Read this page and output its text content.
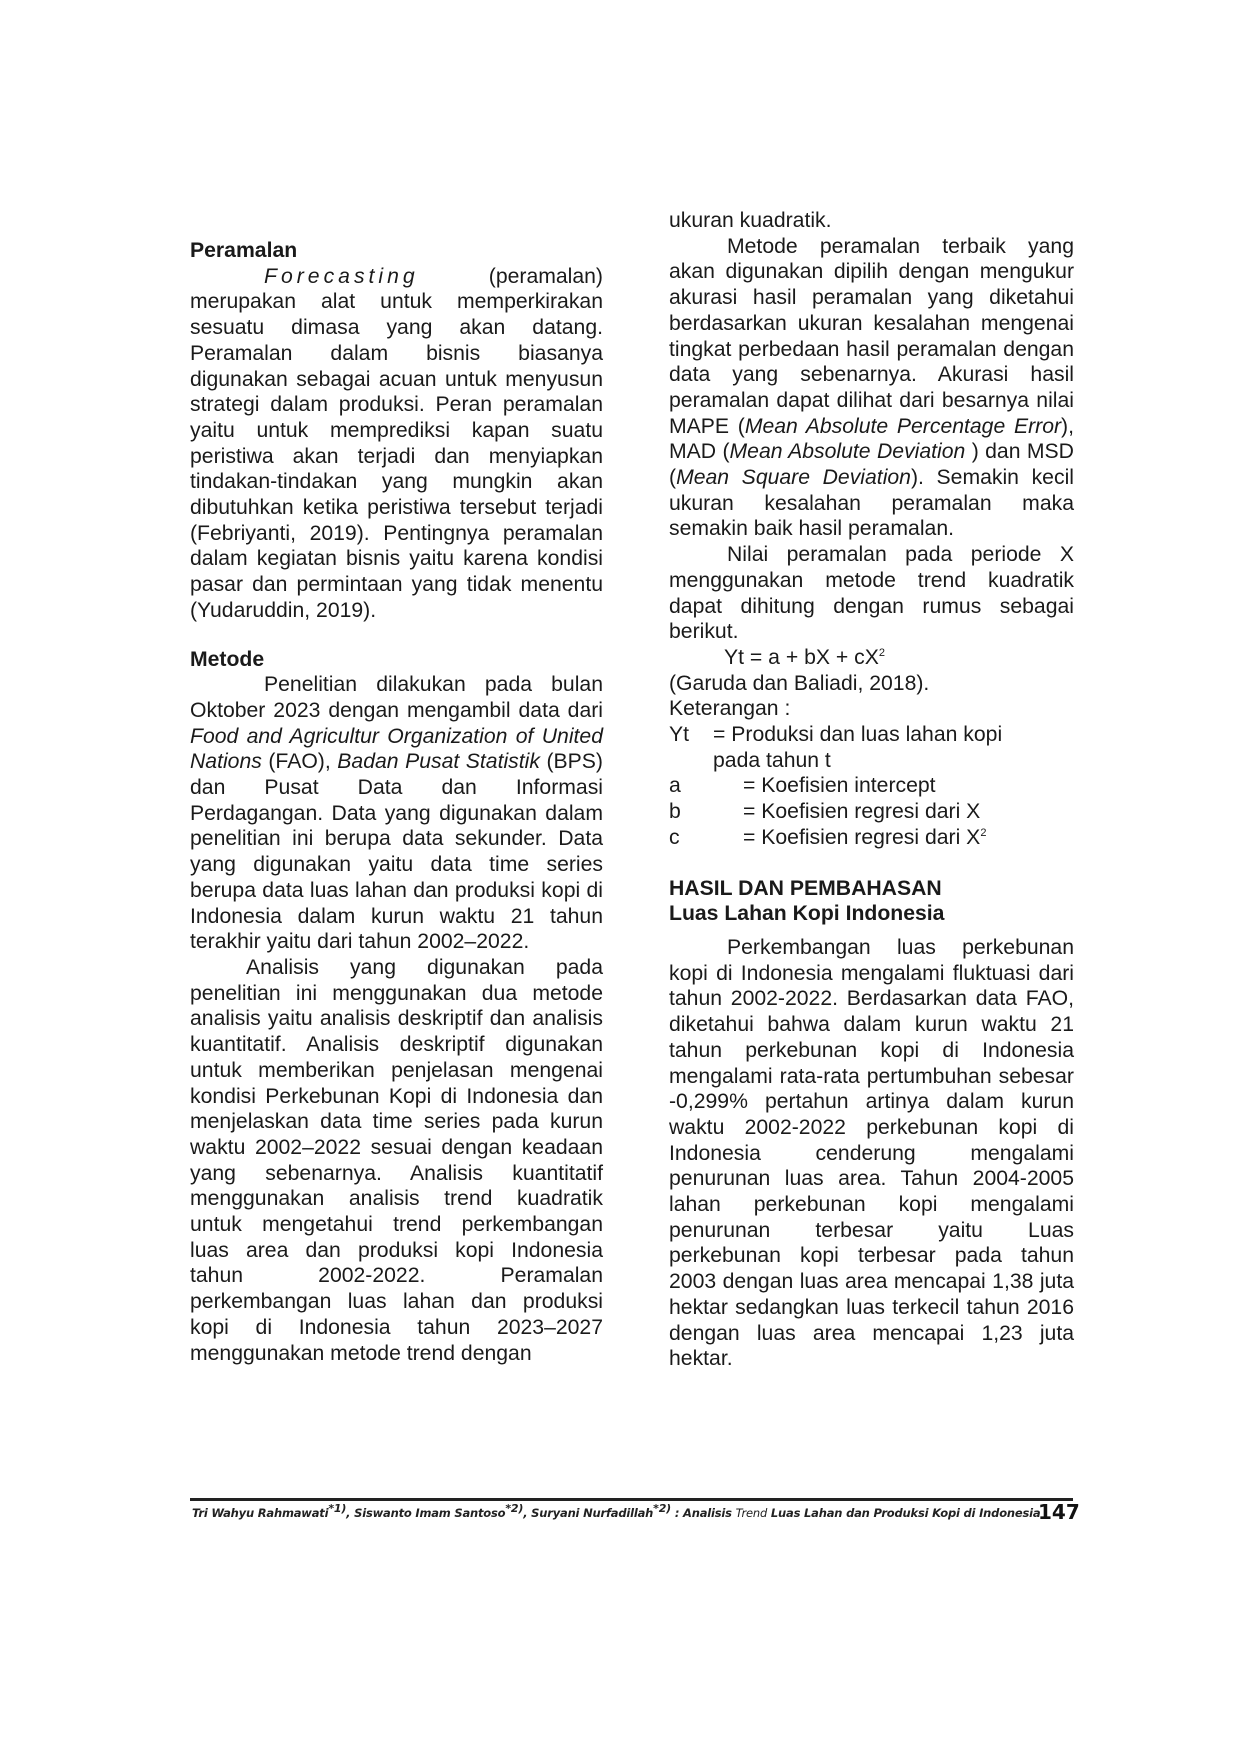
Peramalan

Forecasting (peramalan) merupakan alat untuk memperkirakan sesuatu dimasa yang akan datang. Peramalan dalam bisnis biasanya digunakan sebagai acuan untuk menyusun strategi dalam produksi. Peran peramalan yaitu untuk memprediksi kapan suatu peristiwa akan terjadi dan menyiapkan tindakan-tindakan yang mungkin akan dibutuhkan ketika peristiwa tersebut terjadi (Febriyanti, 2019). Pentingnya peramalan dalam kegiatan bisnis yaitu karena kondisi pasar dan permintaan yang tidak menentu (Yudaruddin, 2019).

Metode

Penelitian dilakukan pada bulan Oktober 2023 dengan mengambil data dari Food and Agricultur Organization of United Nations (FAO), Badan Pusat Statistik (BPS) dan Pusat Data dan Informasi Perdagangan. Data yang digunakan dalam penelitian ini berupa data sekunder. Data yang digunakan yaitu data time series berupa data luas lahan dan produksi kopi di Indonesia dalam kurun waktu 21 tahun terakhir yaitu dari tahun 2002–2022.

Analisis yang digunakan pada penelitian ini menggunakan dua metode analisis yaitu analisis deskriptif dan analisis kuantitatif. Analisis deskriptif digunakan untuk memberikan penjelasan mengenai kondisi Perkebunan Kopi di Indonesia dan menjelaskan data time series pada kurun waktu 2002–2022 sesuai dengan keadaan yang sebenarnya. Analisis kuantitatif menggunakan analisis trend kuadratik untuk mengetahui trend perkembangan luas area dan produksi kopi Indonesia tahun 2002-2022. Peramalan perkembangan luas lahan dan produksi kopi di Indonesia tahun 2023–2027 menggunakan metode trend dengan

ukuran kuadratik.

Metode peramalan terbaik yang akan digunakan dipilih dengan mengukur akurasi hasil peramalan yang diketahui berdasarkan ukuran kesalahan mengenai tingkat perbedaan hasil peramalan dengan data yang sebenarnya. Akurasi hasil peramalan dapat dilihat dari besarnya nilai MAPE (Mean Absolute Percentage Error), MAD (Mean Absolute Deviation ) dan MSD (Mean Square Deviation). Semakin kecil ukuran kesalahan peramalan maka semakin baik hasil peramalan.

Nilai peramalan pada periode X menggunakan metode trend kuadratik dapat dihitung dengan rumus sebagai berikut.

Yt = a + bX + $cX^2$

(Garuda dan Baliadi, 2018).

Keterangan :

Yt	= Produksi dan luas lahan kopi

pada tahun t

a	= Koefisien intercept
b	= Koefisien regresi dari X
c	= Koefisien regresi dari $X^2$

HASIL DAN PEMBAHASAN

Luas Lahan Kopi Indonesia

Perkembangan luas perkebunan kopi di Indonesia mengalami fluktuasi dari tahun 2002-2022. Berdasarkan data FAO, diketahui bahwa dalam kurun waktu 21 tahun perkebunan kopi di Indonesia mengalami rata-rata pertumbuhan sebesar -0,299% pertahun artinya dalam kurun waktu 2002-2022 perkebunan kopi di Indonesia cenderung mengalami penurunan luas area. Tahun 2004-2005 lahan perkebunan kopi mengalami penurunan terbesar yaitu Luas perkebunan kopi terbesar pada tahun 2003 dengan luas area mencapai 1,38 juta hektar sedangkan luas terkecil tahun 2016 dengan luas area mencapai 1,23 juta hektar.

Tri Wahyu Rahmawati$^{*1)}$, Siswanto Imam Santoso$^{*2)}$, Suryani Nurfadillah$^{*2)}$ : Analisis Trend Luas Lahan dan Produksi Kopi di Indonesia
147
